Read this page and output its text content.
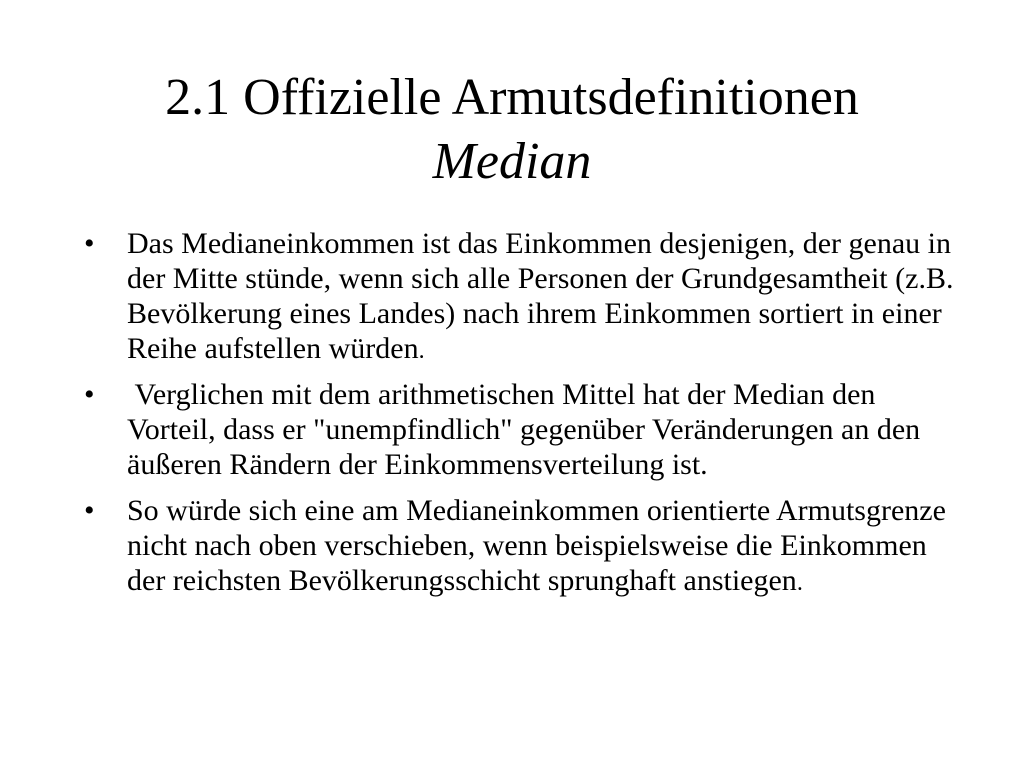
2.1 Offizielle Armutsdefinitionen
Median
•	Das Medianeinkommen ist das Einkommen desjenigen, der genau in der Mitte stünde, wenn sich alle Personen der Grundgesamtheit (z.B. Bevölkerung eines Landes) nach ihrem Einkommen sortiert in einer Reihe aufstellen würden.
•	Verglichen mit dem arithmetischen Mittel hat der Median den Vorteil, dass er "unempfindlich" gegenüber Veränderungen an den äußeren Rändern der Einkommensverteilung ist.
•	So würde sich eine am Medianeinkommen orientierte Armutsgrenze nicht nach oben verschieben, wenn beispielsweise die Einkommen der reichsten Bevölkerungsschicht sprunghaft anstiegen.
